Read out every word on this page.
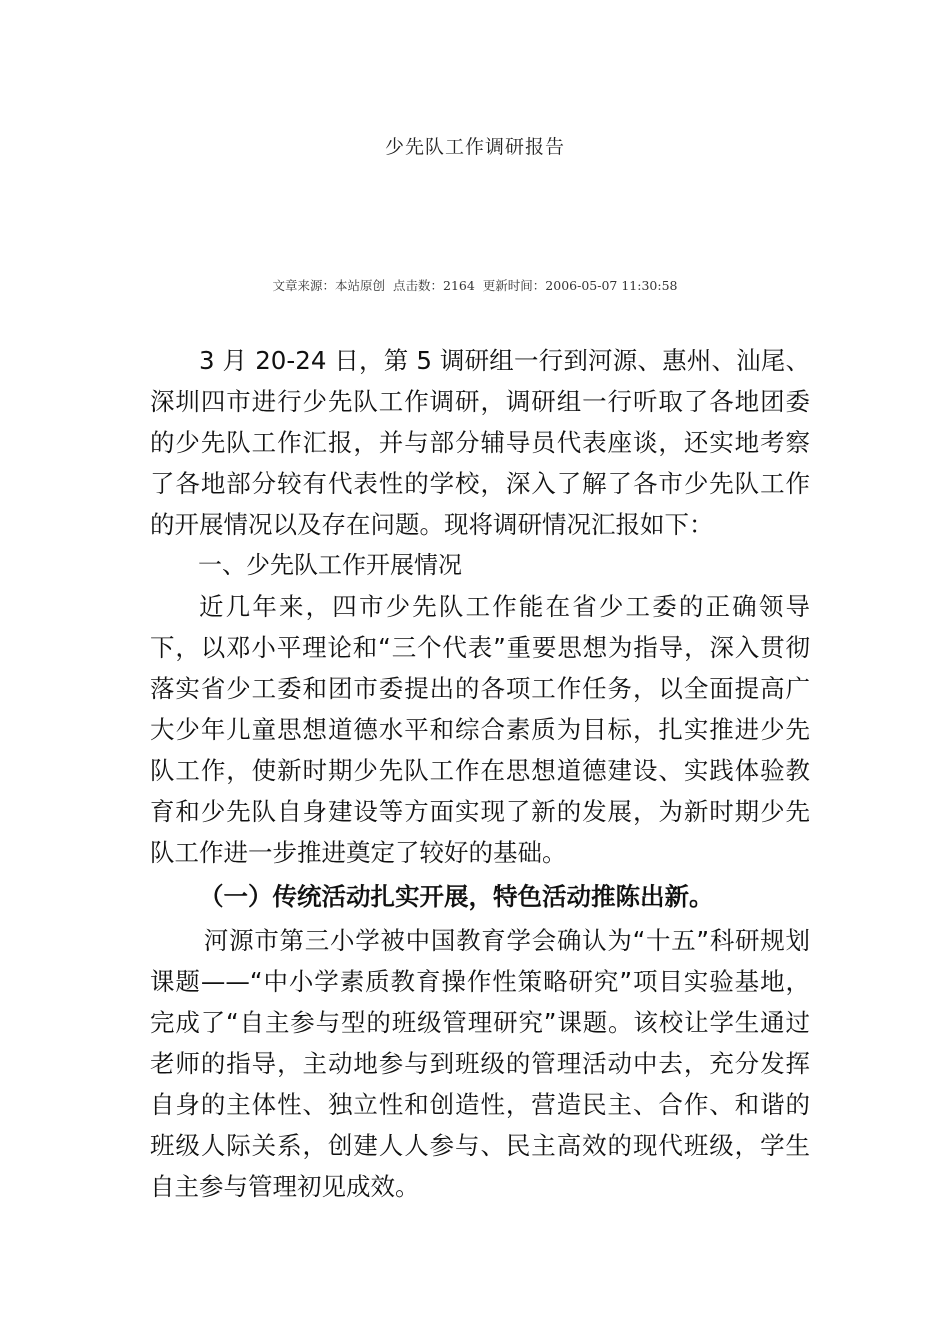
少先队工作调研报告
文章来源：本站原创 点击数：2164 更新时间：2006-05-07 11:30:58

3 月 20-24 日，第 5 调研组一行到河源、惠州、汕尾、深圳四市进行少先队工作调研，调研组一行听取了各地团委的少先队工作汇报，并与部分辅导员代表座谈，还实地考察了各地部分较有代表性的学校，深入了解了各市少先队工作的开展情况以及存在问题。现将调研情况汇报如下：

一、少先队工作开展情况

近几年来，四市少先队工作能在省少工委的正确领导下，以邓小平理论和“三个代表”重要思想为指导，深入贯彻落实省少工委和团市委提出的各项工作任务，以全面提高广大少年儿童思想道德水平和综合素质为目标，扎实推进少先队工作，使新时期少先队工作在思想道德建设、实践体验教育和少先队自身建设等方面实现了新的发展，为新时期少先队工作进一步推进奠定了较好的基础。

（一）传统活动扎实开展，特色活动推陈出新。

河源市第三小学被中国教育学会确认为“十五”科研规划课题——“中小学素质教育操作性策略研究”项目实验基地，完成了“自主参与型的班级管理研究”课题。该校让学生通过老师的指导，主动地参与到班级的管理活动中去，充分发挥自身的主体性、独立性和创造性，营造民主、合作、和谐的班级人际关系，创建人人参与、民主高效的现代班级，学生自主参与管理初见成效。
